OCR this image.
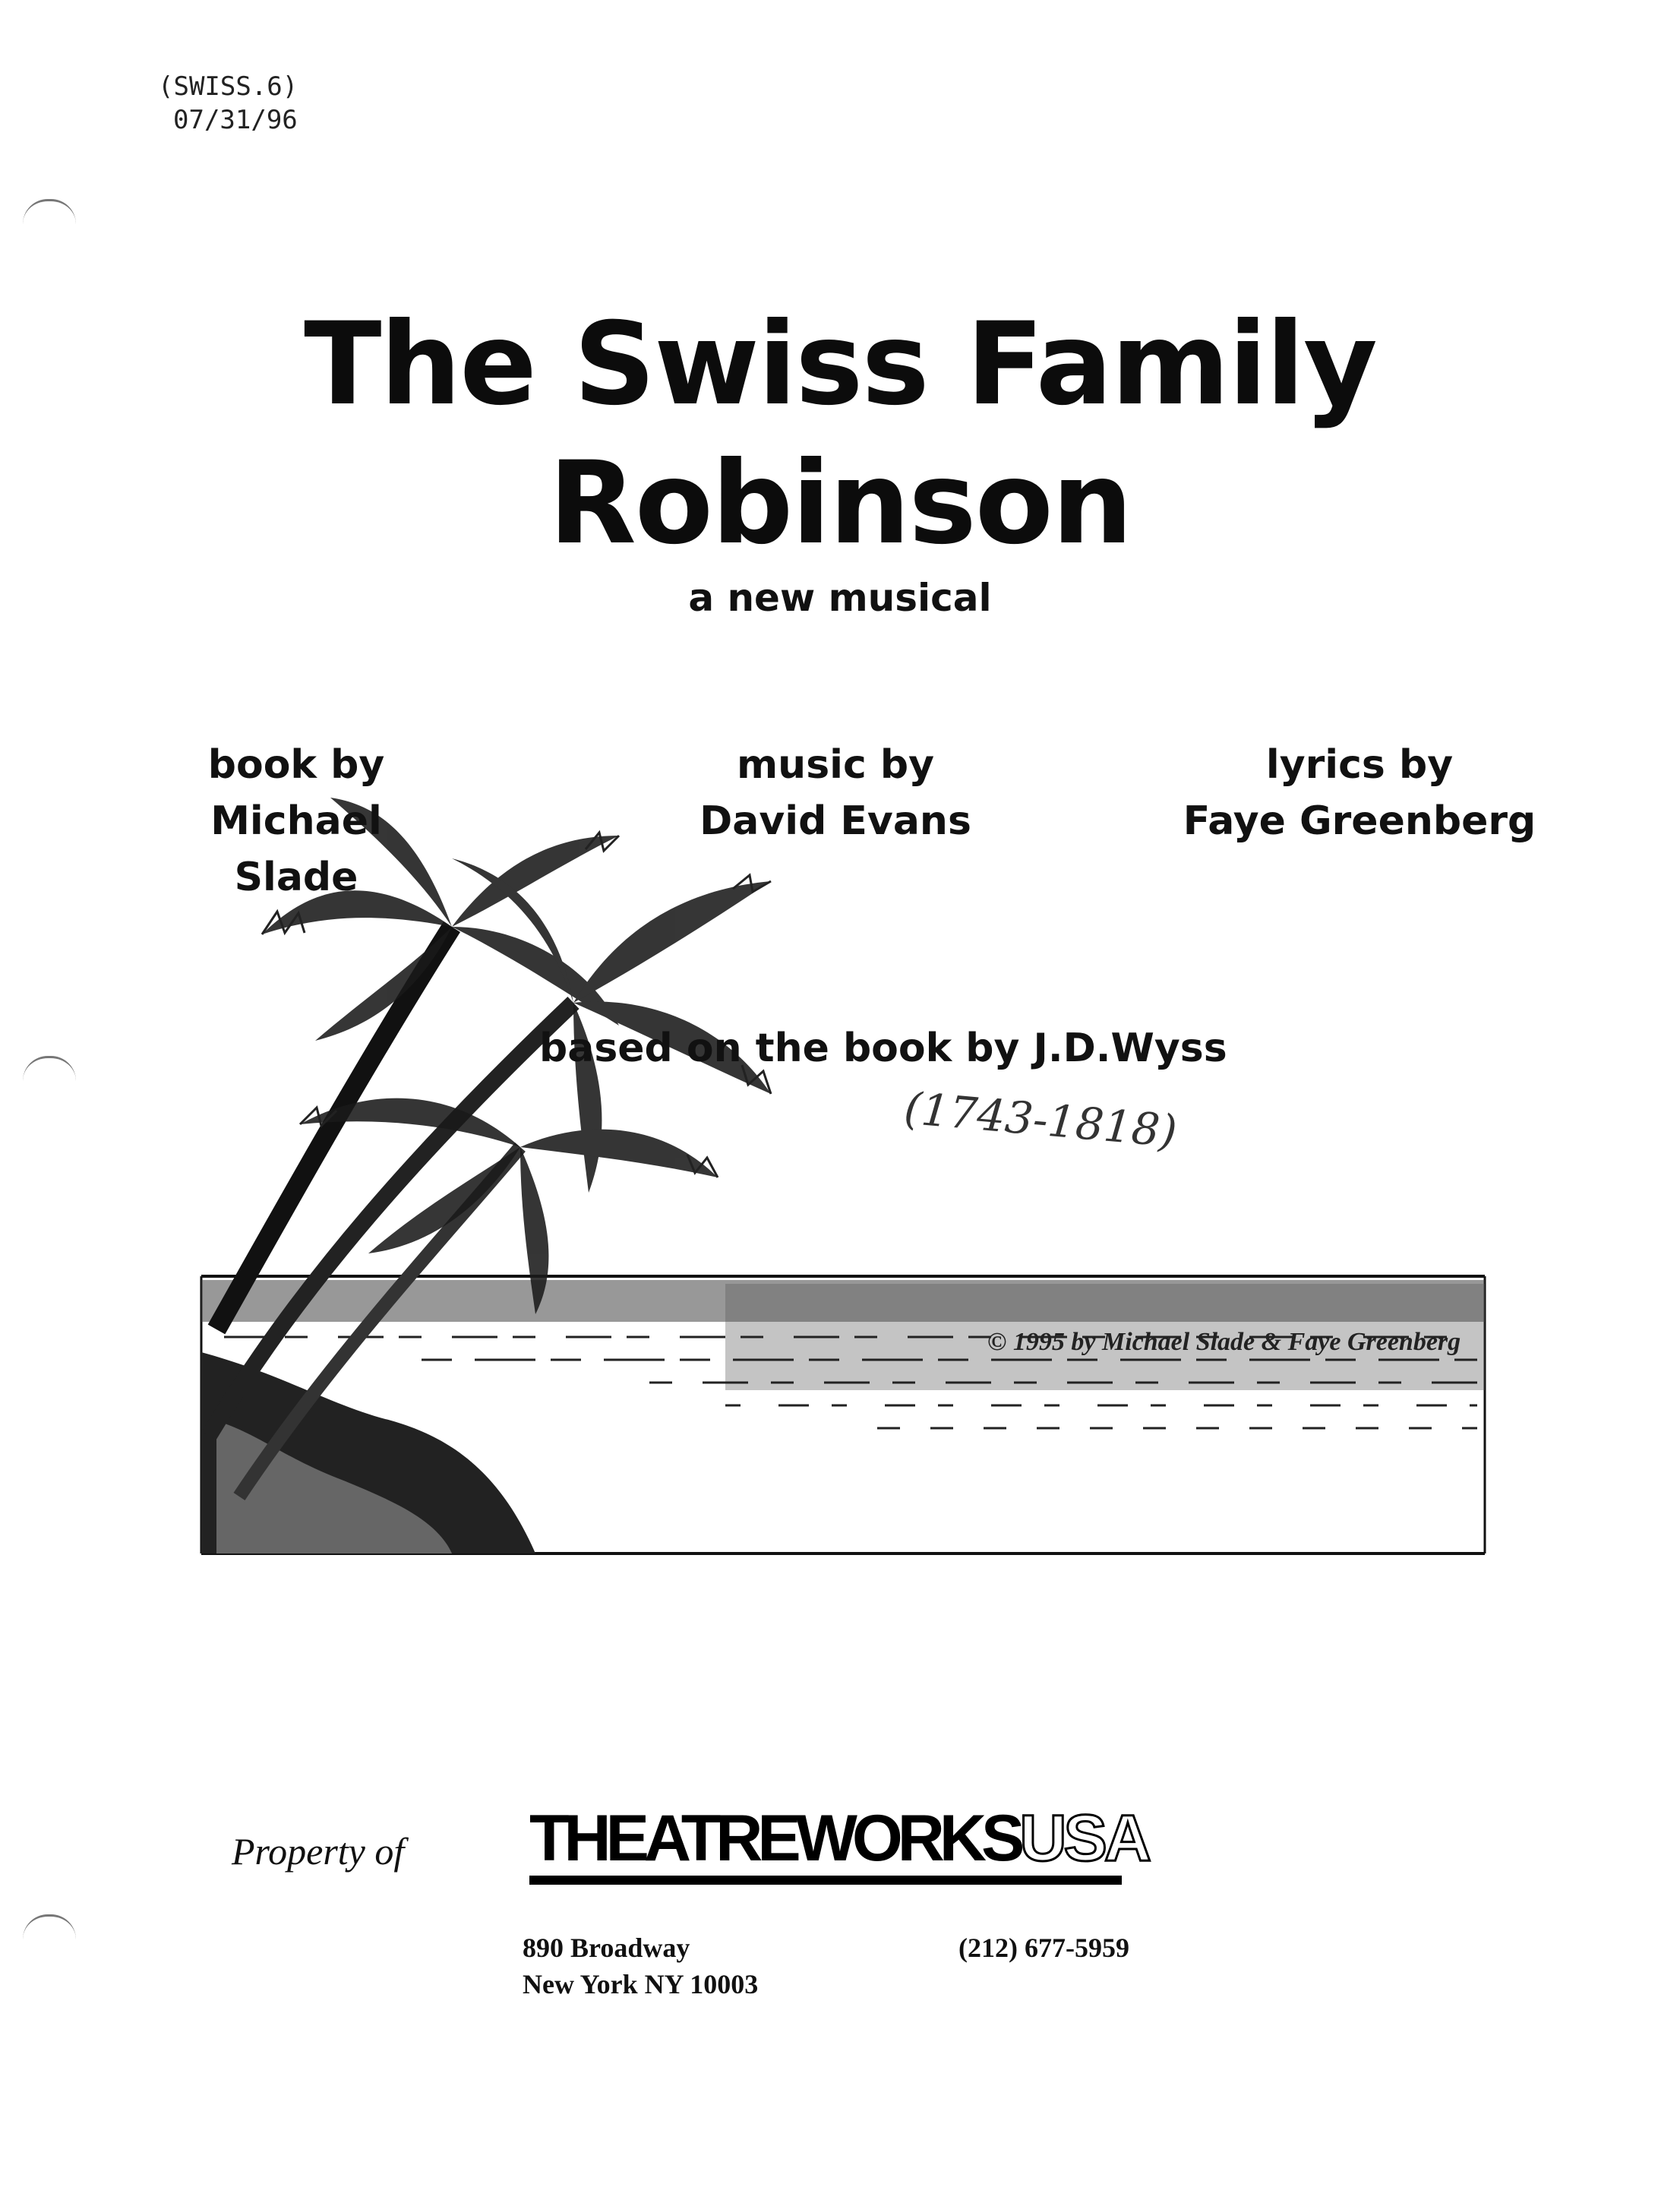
(SWISS.6)
07/31/96
The Swiss Family
Robinson
a new musical
book by
Michael Slade
music by
David Evans
lyrics by
Faye Greenberg
based on the book by J.D.Wyss
(1743-1818)
© 1995 by Michael Slade & Faye Greenberg
Property of THEATREWORKSUSA
890 Broadway
New York NY 10003
(212) 677-5959
